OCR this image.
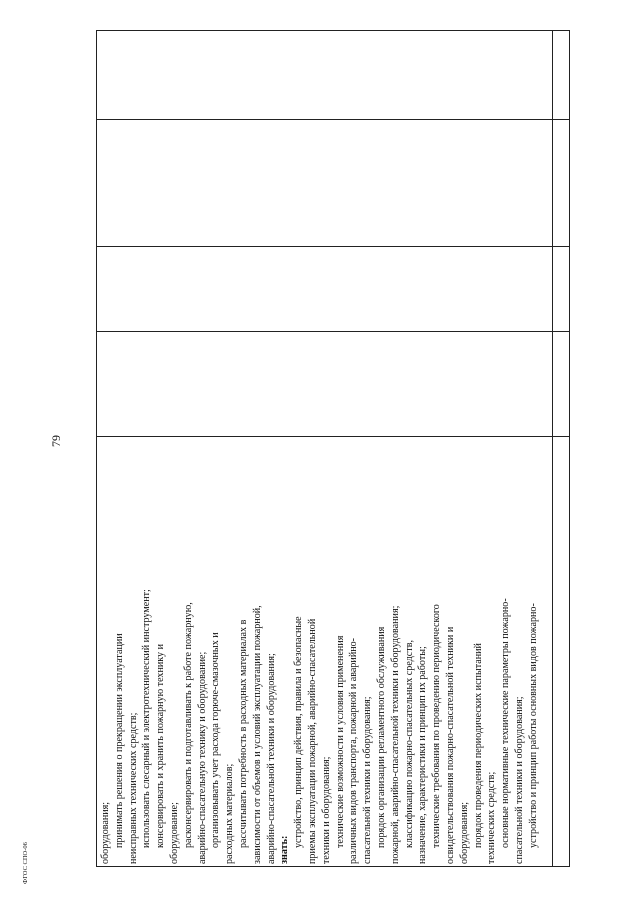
79
ФГОС СПО-06	оборудования; принимать решения о прекращении эксплуатации неисправных технических средств; использовать слесарный и электротехнический инструмент; консервировать и хранить пожарную технику и оборудование; расконсервировать и подготавливать к работе пожарную, аварийно-спасательную технику и оборудование; организовывать учет расхода горюче-смазочных и расходных материалов; рассчитывать потребность в расходных материалах в зависимости от объемов и условий эксплуатации пожарной, аварийно-спасательной техники и оборудования; знать:
устройство, принцип действия, правила и безопасные приемы эксплуатации пожарной, аварийно-спасательной техники и оборудования; технические возможности и условия применения различных видов транспорта, пожарной и аварийно- спасательной техники и оборудования; порядок организации регламентного обслуживания пожарной, аварийно-спасательной техники и оборудования; классификацию пожарно-спасательных средств, назначение, характеристики и принцип их работы; технические требования по проведению периодического освидетельствования пожарно-спасательной техники и оборудования; порядок проведения периодических испытаний технических средств; основные нормативные технические параметры пожарно- спасательной техники и оборудования; устройство и принцип работы основных видов пожарно-
